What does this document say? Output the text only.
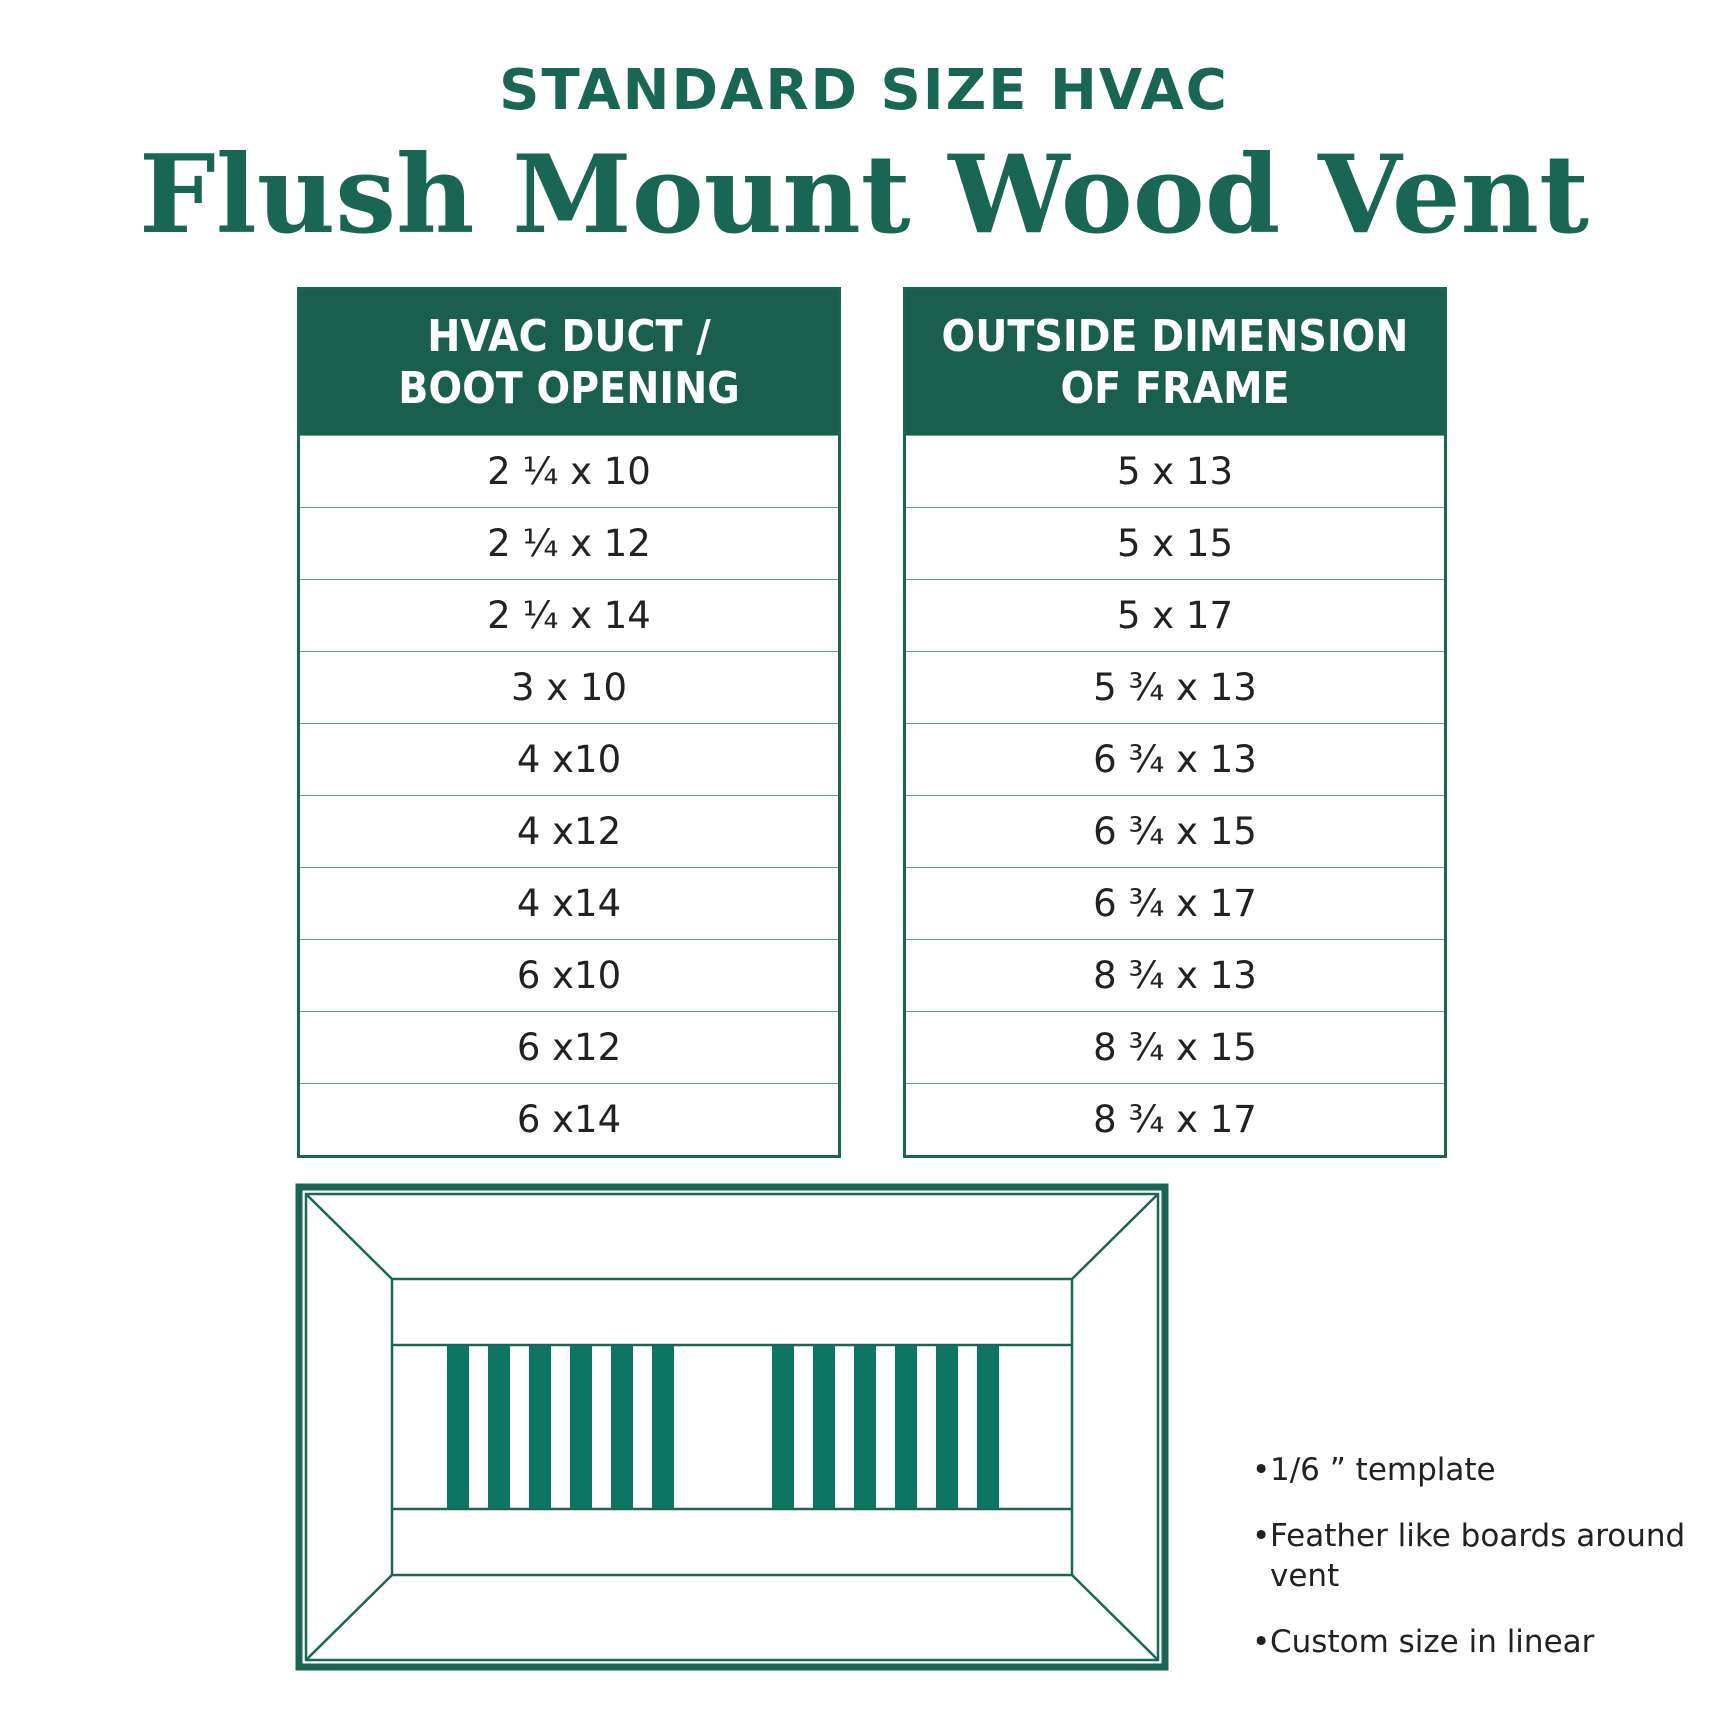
STANDARD SIZE HVAC
Flush Mount Wood Vent
HVAC DUCT /
BOOT OPENING
2 ¼ x 10
2 ¼ x 12
2 ¼ x 14
3 x 10
4 x10
4 x12
4 x14
6 x10
6 x12
6 x14
OUTSIDE DIMENSION
OF FRAME
5 x 13
5 x 15
5 x 17
5 ¾ x 13
6 ¾ x 13
6 ¾ x 15
6 ¾ x 17
8 ¾ x 13
8 ¾ x 15
8 ¾ x 17
• 1/6 ” template
• Feather like boards around vent
• Custom size in linear
